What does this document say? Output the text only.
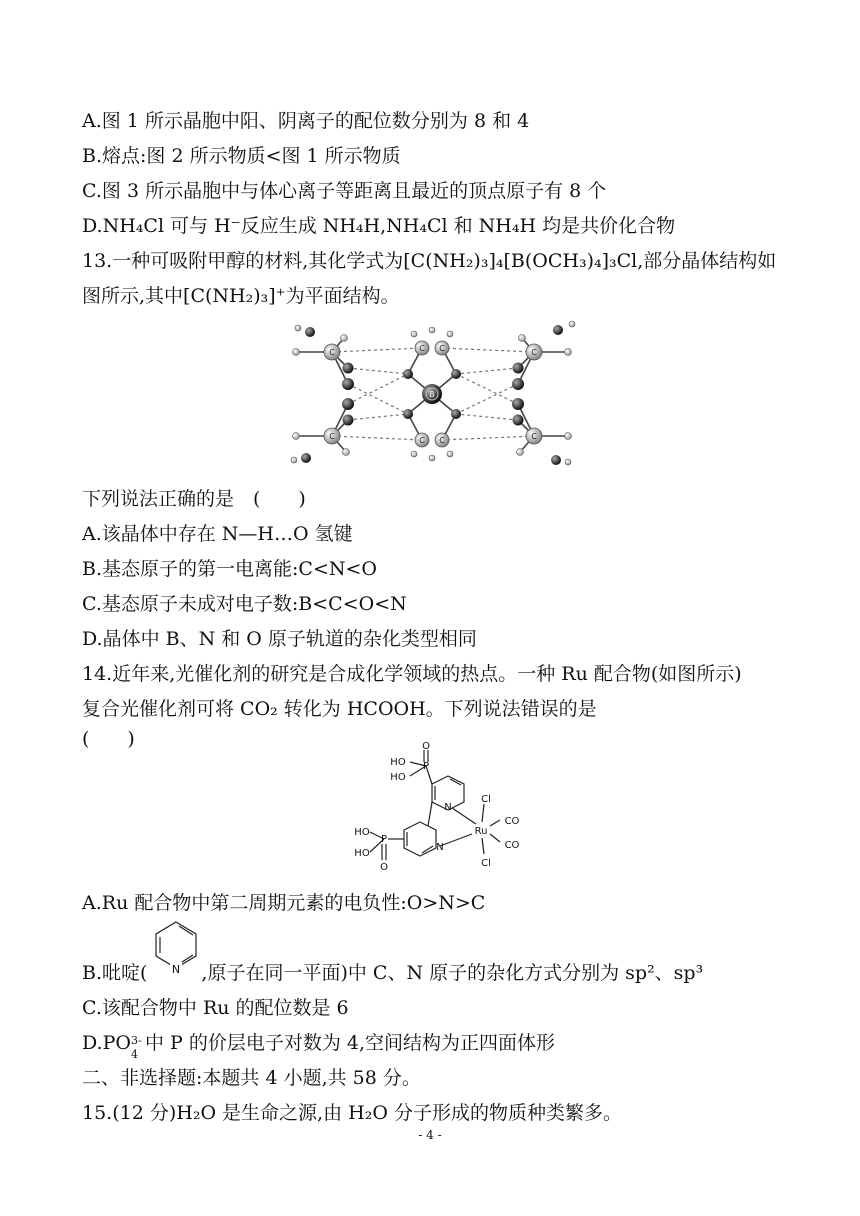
A.图 1 所示晶胞中阳、阴离子的配位数分别为 8 和 4
B.熔点:图 2 所示物质<图 1 所示物质
C.图 3 所示晶胞中与体心离子等距离且最近的顶点原子有 8 个
D.NH₄Cl 可与 H⁻反应生成 NH₄H,NH₄Cl 和 NH₄H 均是共价化合物
13.一种可吸附甲醇的材料,其化学式为[C(NH₂)₃]₄[B(OCH₃)₄]₃Cl,部分晶体结构如
图所示,其中[C(NH₂)₃]⁺为平面结构。
C	C
C	C
C C
C C
B
下列说法正确的是　(　　)
A.该晶体中存在 N—H…O 氢键
B.基态原子的第一电离能:C<N<O
C.基态原子未成对电子数:B<C<O<N
D.晶体中 B、N 和 O 原子轨道的杂化类型相同
14.近年来,光催化剂的研究是合成化学领域的热点。一种 Ru 配合物(如图所示)
复合光催化剂可将 CO₂ 转化为 HCOOH。下列说法错误的是
(　　)	O
P
HO
HO
N
N
Ru
Cl
Cl
CO
CO
P
HO
HO
O
A.Ru 配合物中第二周期元素的电负性:O>N>C
B.吡啶(	,原子在同一平面)中 C、N 原子的杂化方式分别为 sp²、sp³
N
C.该配合物中 Ru 的配位数是 6
D.PO 3-
4
中 P 的价层电子对数为 4,空间结构为正四面体形
二、非选择题:本题共 4 小题,共 58 分。
15.(12 分)H₂O 是生命之源,由 H₂O 分子形成的物质种类繁多。
- 4 -
